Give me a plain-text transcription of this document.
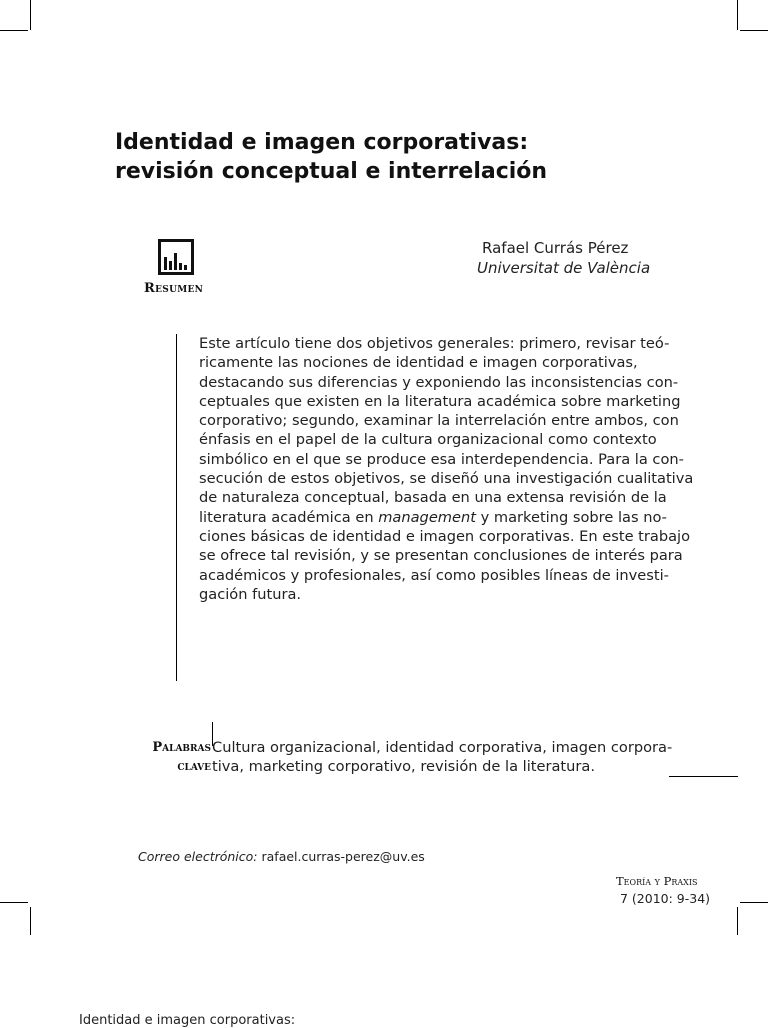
Identidad e imagen corporativas:
revisión conceptual e interrelación
Resumen
Rafael Currás Pérez
Universitat de València
Este artículo tiene dos objetivos generales: primero, revisar teó-
ricamente las nociones de identidad e imagen corporativas,
destacando sus diferencias y exponiendo las inconsistencias con-
ceptuales que existen en la literatura académica sobre marketing
corporativo; segundo, examinar la interrelación entre ambos, con
énfasis en el papel de la cultura organizacional como contexto
simbólico en el que se produce esa interdependencia. Para la con-
secución de estos objetivos, se diseñó una investigación cualitativa
de naturaleza conceptual, basada en una extensa revisión de la
literatura académica en management y marketing sobre las no-
ciones básicas de identidad e imagen corporativas. En este trabajo
se ofrece tal revisión, y se presentan conclusiones de interés para
académicos y profesionales, así como posibles líneas de investi-
gación futura.
Palabras
clave
Cultura organizacional, identidad corporativa, imagen corpora-
tiva, marketing corporativo, revisión de la literatura.
Correo electrónico: rafael.curras-perez@uv.es
Teoría y Praxis
7 (2010: 9-34)
Identidad e imagen corporativas:
